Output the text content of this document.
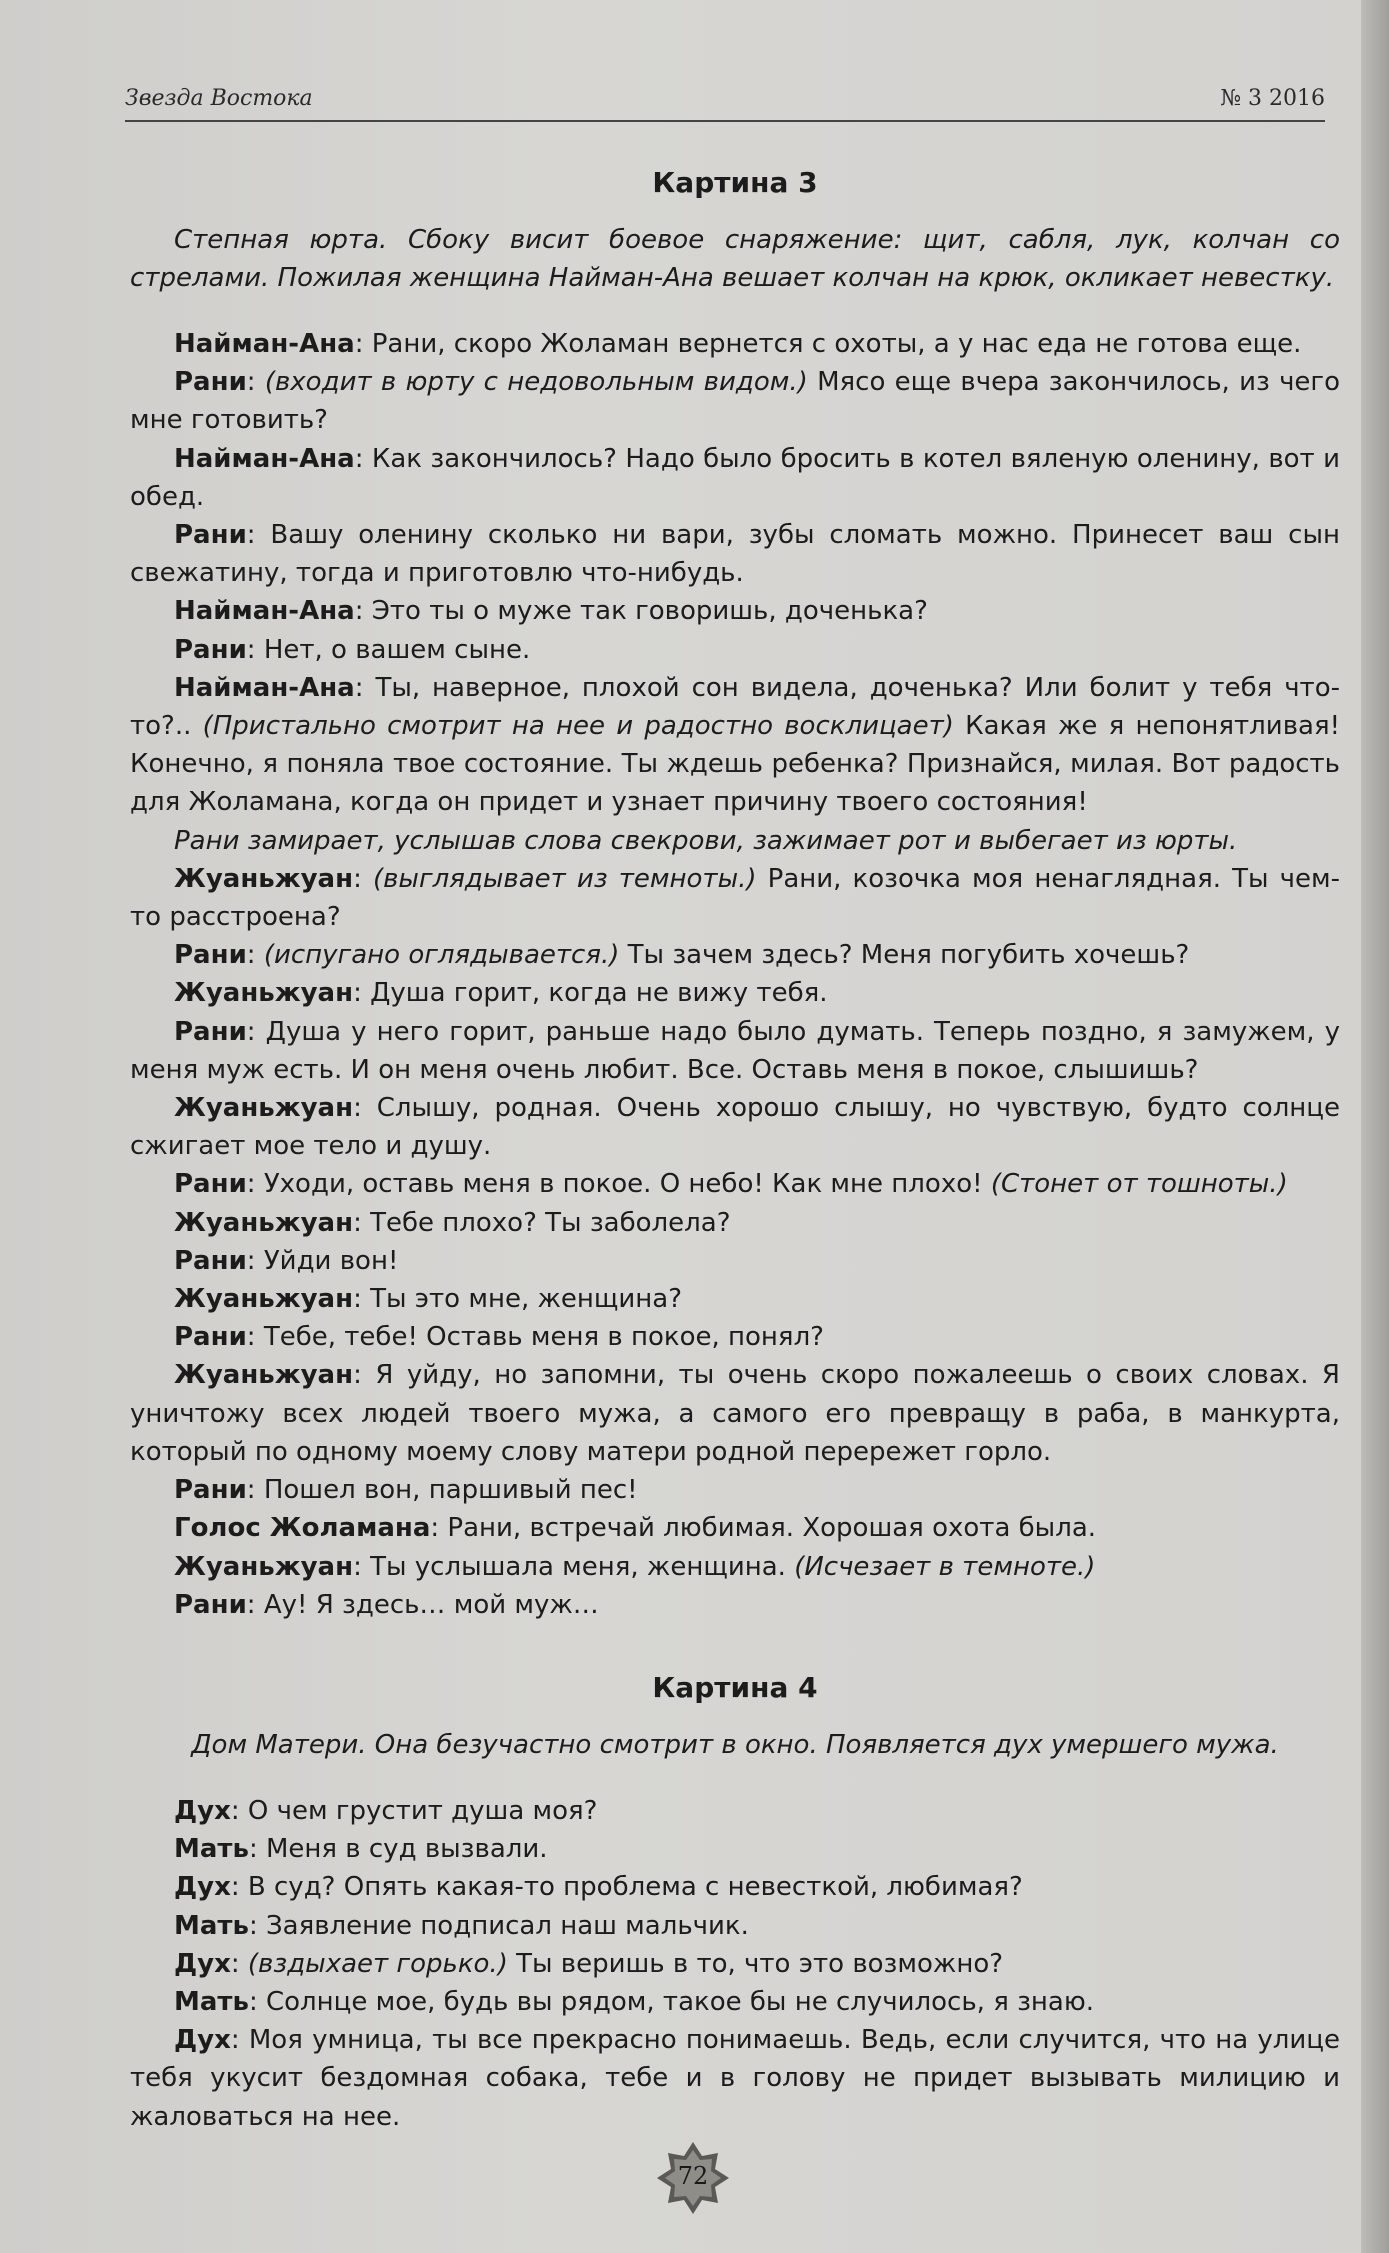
Звезда Востока	№ 3 2016
Картина 3

Степная юрта. Сбоку висит боевое снаряжение: щит, сабля, лук, колчан со стрелами. Пожилая женщина Найман-Ана вешает колчан на крюк, окликает невестку.

Найман-Ана: Рани, скоро Жоламан вернется с охоты, а у нас еда не готова еще.

Рани: (входит в юрту с недовольным видом.) Мясо еще вчера закончилось, из чего мне готовить?

Найман-Ана: Как закончилось? Надо было бросить в котел вяленую оленину, вот и обед.

Рани: Вашу оленину сколько ни вари, зубы сломать можно. Принесет ваш сын свежатину, тогда и приготовлю что-нибудь.

Найман-Ана: Это ты о муже так говоришь, доченька?

Рани: Нет, о вашем сыне.

Найман-Ана: Ты, наверное, плохой сон видела, доченька? Или болит у тебя что-то?.. (Пристально смотрит на нее и радостно восклицает) Какая же я непонятливая! Конечно, я поняла твое состояние. Ты ждешь ребенка? Признайся, милая. Вот радость для Жоламана, когда он придет и узнает причину твоего состояния!

Рани замирает, услышав слова свекрови, зажимает рот и выбегает из юрты.

Жуаньжуан: (выглядывает из темноты.) Рани, козочка моя ненаглядная. Ты чем-то расстроена?

Рани: (испугано оглядывается.) Ты зачем здесь? Меня погубить хочешь?

Жуаньжуан: Душа горит, когда не вижу тебя.

Рани: Душа у него горит, раньше надо было думать. Теперь поздно, я замужем, у меня муж есть. И он меня очень любит. Все. Оставь меня в покое, слышишь?

Жуаньжуан: Слышу, родная. Очень хорошо слышу, но чувствую, будто солнце сжигает мое тело и душу.

Рани: Уходи, оставь меня в покое. О небо! Как мне плохо! (Стонет от тошноты.)

Жуаньжуан: Тебе плохо? Ты заболела?

Рани: Уйди вон!

Жуаньжуан: Ты это мне, женщина?

Рани: Тебе, тебе! Оставь меня в покое, понял?

Жуаньжуан: Я уйду, но запомни, ты очень скоро пожалеешь о своих словах. Я уничтожу всех людей твоего мужа, а самого его превращу в раба, в манкурта, который по одному моему слову матери родной перережет горло.

Рани: Пошел вон, паршивый пес!

Голос Жоламана: Рани, встречай любимая. Хорошая охота была.

Жуаньжуан: Ты услышала меня, женщина. (Исчезает в темноте.)

Рани: Ау! Я здесь… мой муж…

Картина 4

Дом Матери. Она безучастно смотрит в окно. Появляется дух умершего мужа.

Дух: О чем грустит душа моя?

Мать: Меня в суд вызвали.

Дух: В суд? Опять какая-то проблема с невесткой, любимая?

Мать: Заявление подписал наш мальчик.

Дух: (вздыхает горько.) Ты веришь в то, что это возможно?

Мать: Солнце мое, будь вы рядом, такое бы не случилось, я знаю.

Дух: Моя умница, ты все прекрасно понимаешь. Ведь, если случится, что на улице тебя укусит бездомная собака, тебе и в голову не придет вызывать милицию и жаловаться на нее.

72
